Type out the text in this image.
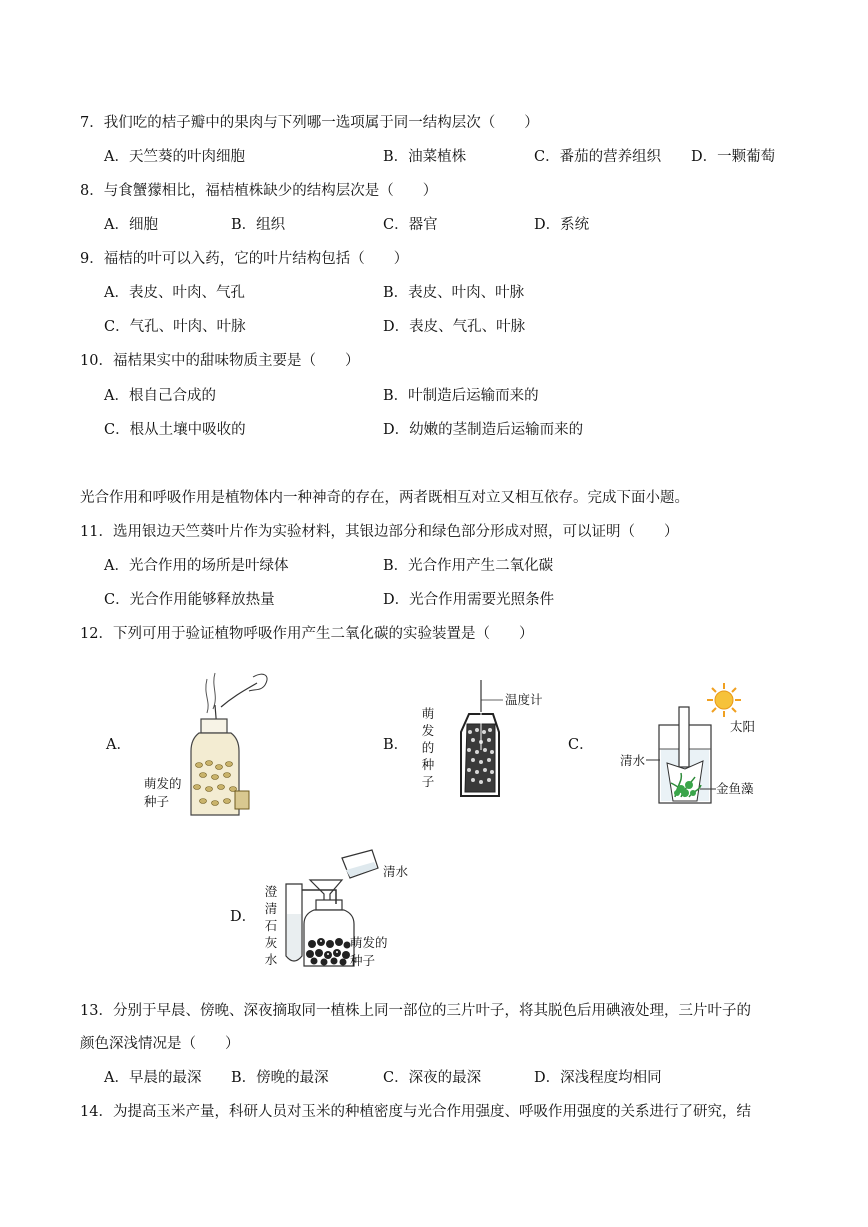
7．我们吃的桔子瓣中的果肉与下列哪一选项属于同一结构层次（　　）
A．天竺葵的叶肉细胞	B．油菜植株	C．番茄的营养组织 D．一颗葡萄
8．与食蟹獴相比，福桔植株缺少的结构层次是（　　）
A．细胞	B．组织	C．器官	D．系统
9．福桔的叶可以入药，它的叶片结构包括（　　）
A．表皮、叶肉、气孔	B．表皮、叶肉、叶脉
C．气孔、叶肉、叶脉	D．表皮、气孔、叶脉
10．福桔果实中的甜味物质主要是（　　）
A．根自己合成的	B．叶制造后运输而来的
C．根从土壤中吸收的	D．幼嫩的茎制造后运输而来的
光合作用和呼吸作用是植物体内一种神奇的存在，两者既相互对立又相互依存。完成下面小题。
11．选用银边天竺葵叶片作为实验材料，其银边部分和绿色部分形成对照，可以证明（　　）
A．光合作用的场所是叶绿体	B．光合作用产生二氧化碳
C．光合作用能够释放热量	D．光合作用需要光照条件
12．下列可用于验证植物呼吸作用产生二氧化碳的实验装置是（　　）
A．
萌发的
种子
B．
萌
发
的
种
子
温度计
C．
太阳
清水
金鱼藻
D．
澄
清
石
灰
水
清水
萌发的
种子
13．分别于早晨、傍晚、深夜摘取同一植株上同一部位的三片叶子，将其脱色后用碘液处理，三片叶子的
颜色深浅情况是（　　）
A．早晨的最深 B．傍晚的最深	C．深夜的最深	D．深浅程度均相同
14．为提高玉米产量，科研人员对玉米的种植密度与光合作用强度、呼吸作用强度的关系进行了研究，结
